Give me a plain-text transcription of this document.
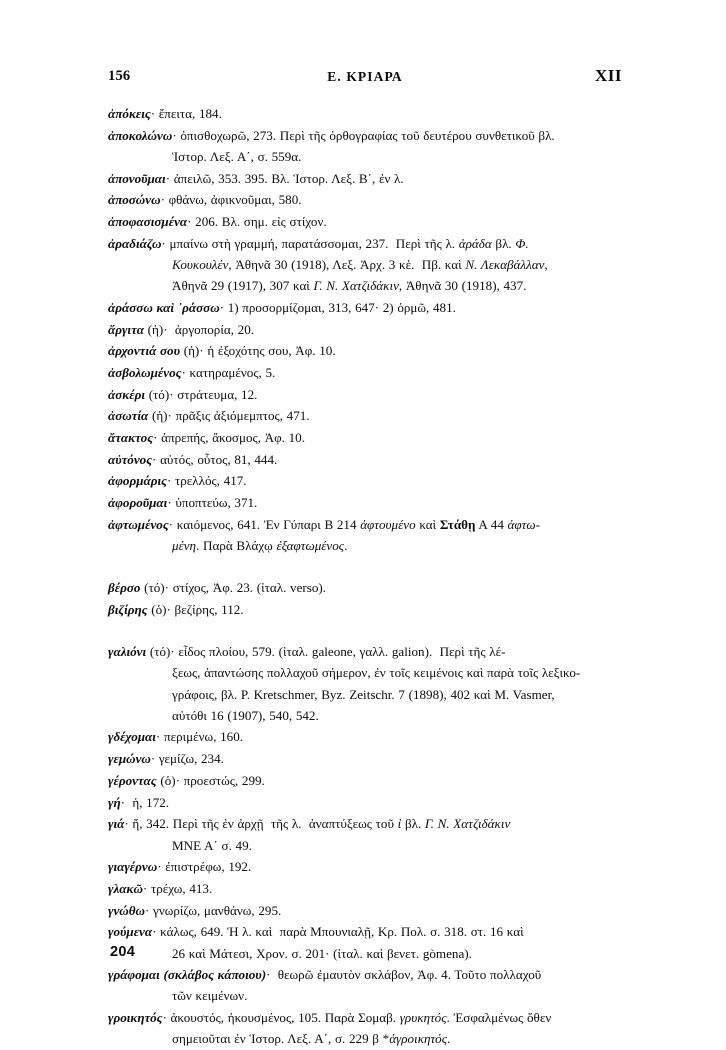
156	Ε. ΚΡΙΑΡΑ	XII

ἀπόκεις· ἔπειτα, 184.

ἀποκολώνω· ὀπισθοχωρῶ, 273. Περὶ τῆς ὀρθογραφίας τοῦ δευτέρου συνθετικοῦ βλ.
Ἱστορ. Λεξ. Α΄, σ. 559α.

ἀπονοῦμαι· ἀπειλῶ, 353. 395. Βλ. Ἱστορ. Λεξ. Β΄, ἐν λ.

ἀποσώνω· φθάνω, ἀφικνοῦμαι, 580.

ἀποφασισμένα· 206. Βλ. σημ. εἰς στίχον.

ἀραδιάζω· μπαίνω στὴ γραμμή, παρατάσσομαι, 237.  Περὶ τῆς λ. ἀράδα βλ. Φ.
Κουκουλέν, Ἀθηνᾶ 30 (1918), Λεξ. Ἀρχ. 3 κἑ.  Πβ. καὶ Ν. Λεκαβάλλαν,
Ἀθηνᾶ 29 (1917), 307 καὶ Γ. Ν. Χατζιδάκιν, Ἀθηνᾶ 30 (1918), 437.

ἀράσσω καὶ ᾿ράσσω· 1) προσορμίζομαι, 313, 647· 2) ὁρμῶ, 481.

ἄργιτα (ἡ)·  ἀργοπορία, 20.

ἀρχοντιά σου (ἡ)· ἡ ἐξοχότης σου, Ἀφ. 10.

ἀσβολωμένος· κατηραμένος, 5.

ἀσκέρι (τό)· στράτευμα, 12.

ἀσωτία (ἡ)· πρᾶξις ἀξιόμεμπτος, 471.

ἄτακτος· ἀπρεπής, ἄκοσμος, Ἀφ. 10.

αὐτόνος· αὐτός, οὗτος, 81, 444.

ἀφορμάρις· τρελλός, 417.

ἀφοροῦμαι· ὑποπτεύω, 371.

ἀφτωμένος· καιόμενος, 641. Ἐν Γύπαρι Β 214 ἀφτουμένο καὶ Στάθῃ Α 44 ἀφτω-
μένη. Παρὰ Βλάχῳ ἐξαφτωμένος.

βέρσο (τό)· στίχος, Ἀφ. 23. (ἰταλ. verso).

βιζίρης (ὁ)· βεζίρης, 112.

γαλιόνι (τό)· εἶδος πλοίου, 579. (ἰταλ. galeone, γαλλ. galion).  Περὶ τῆς λέ-
ξεως, ἀπαντώσης πολλαχοῦ σήμερον, ἐν τοῖς κειμένοις καὶ παρὰ τοῖς λεξικο-
γράφοις, βλ. P. Kretschmer, Byz. Zeitschr. 7 (1898), 402 καὶ M. Vasmer,
αὐτόθι 16 (1907), 540, 542.

γδέχομαι· περιμένω, 160.

γεμώνω· γεμίζω, 234.

γέροντας (ὁ)· προεστώς, 299.

γή·  ἡ, 172.

γιά· ἤ, 342. Περὶ τῆς ἐν ἀρχῇ  τῆς λ.  ἀναπτύξεως τοῦ ἰ βλ. Γ. Ν. Χατζιδάκιν
ΜΝΕ Α΄ σ. 49.

γιαγέρνω· ἐπιστρέφω, 192.

γλακῶ· τρέχω, 413.

γνώθω· γνωρίζω, μανθάνω, 295.

γούμενα· κάλως, 649. Ἡ λ. καὶ  παρὰ Μπουνιαλῇ, Κρ. Πολ. σ. 318. στ. 16 καὶ
26 καὶ Μάτεσι, Χρον. σ. 201· (ἰταλ. καὶ βενετ. gòmena).

γράφομαι (σκλάβος κάποιου)·  θεωρῶ ἐμαυτὸν σκλάβον, Ἀφ. 4. Τοῦτο πολλαχοῦ
τῶν κειμένων.

γροικητός· ἀκουστός, ἠκουσμένος, 105. Παρὰ Σομαβ. γρυκητός. Ἐσφαλμένως ὅθεν
σημειοῦται ἐν Ἱστορ. Λεξ. Α΄, σ. 229 β *ἀγροικητός.

204
